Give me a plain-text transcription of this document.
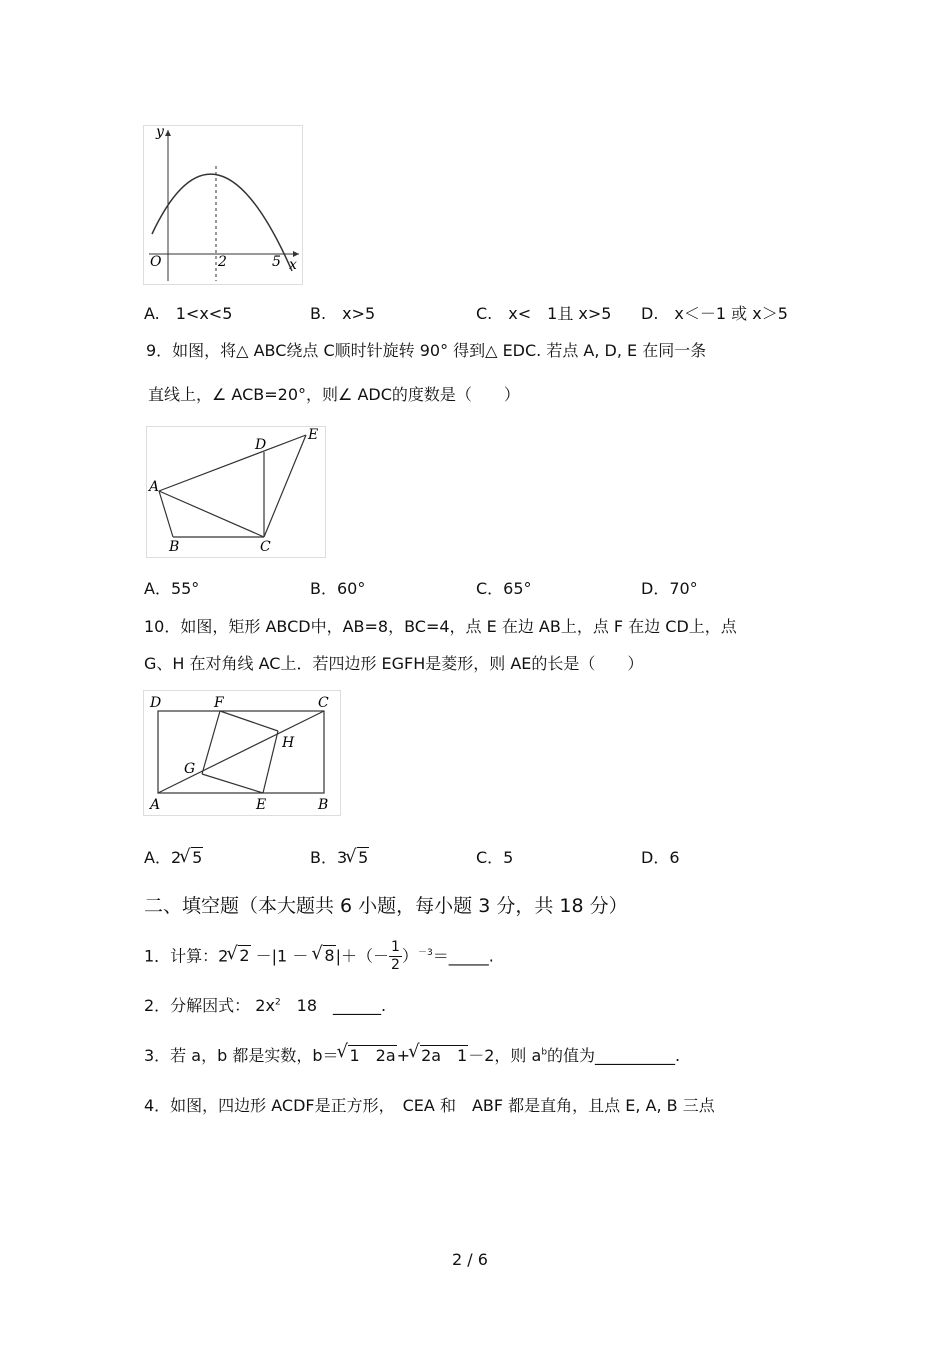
y
O	2	5 x
A.　1<x<5	B.　x>5	C.　x<　1且 x>5 D.　x＜－1 或 x＞5
9．如图，将△ ABC绕点 C顺时针旋转 90° 得到△ EDC. 若点 A, D, E 在同一条
直线上，∠ ACB=20°，则∠ ADC的度数是（　　）
A
B	C
D
E
A．55°	B．60°	C．65°	D．70°
10．如图，矩形 ABCD中，AB=8，BC=4，点 E 在边 AB上，点 F 在边 CD上，点
G、H 在对角线 AC上．若四边形 EGFH是菱形，则 AE的长是（　　）
D	F	C
H
G
A	E	B
A．2 √ 5	B．3 √ 5	C．5	D．6
二、填空题（本大题共 6 小题，每小题 3 分，共 18 分）
1．计算：2 √ 2 －|1 － √ $8|+(- \frac{1}{2}$ ）$^{-3}=\_\_\_\_\_$.
2．分解因式： $2x^2$　18　______.
3．若 a，b 都是实数，b＝ √ 1　2a+ √ 2a　1－2，则 $a^b$的值为__________.
4．如图，四边形 ACDF是正方形，　CEA 和　ABF 都是直角，且点 E, A, B 三点
2 / 6
